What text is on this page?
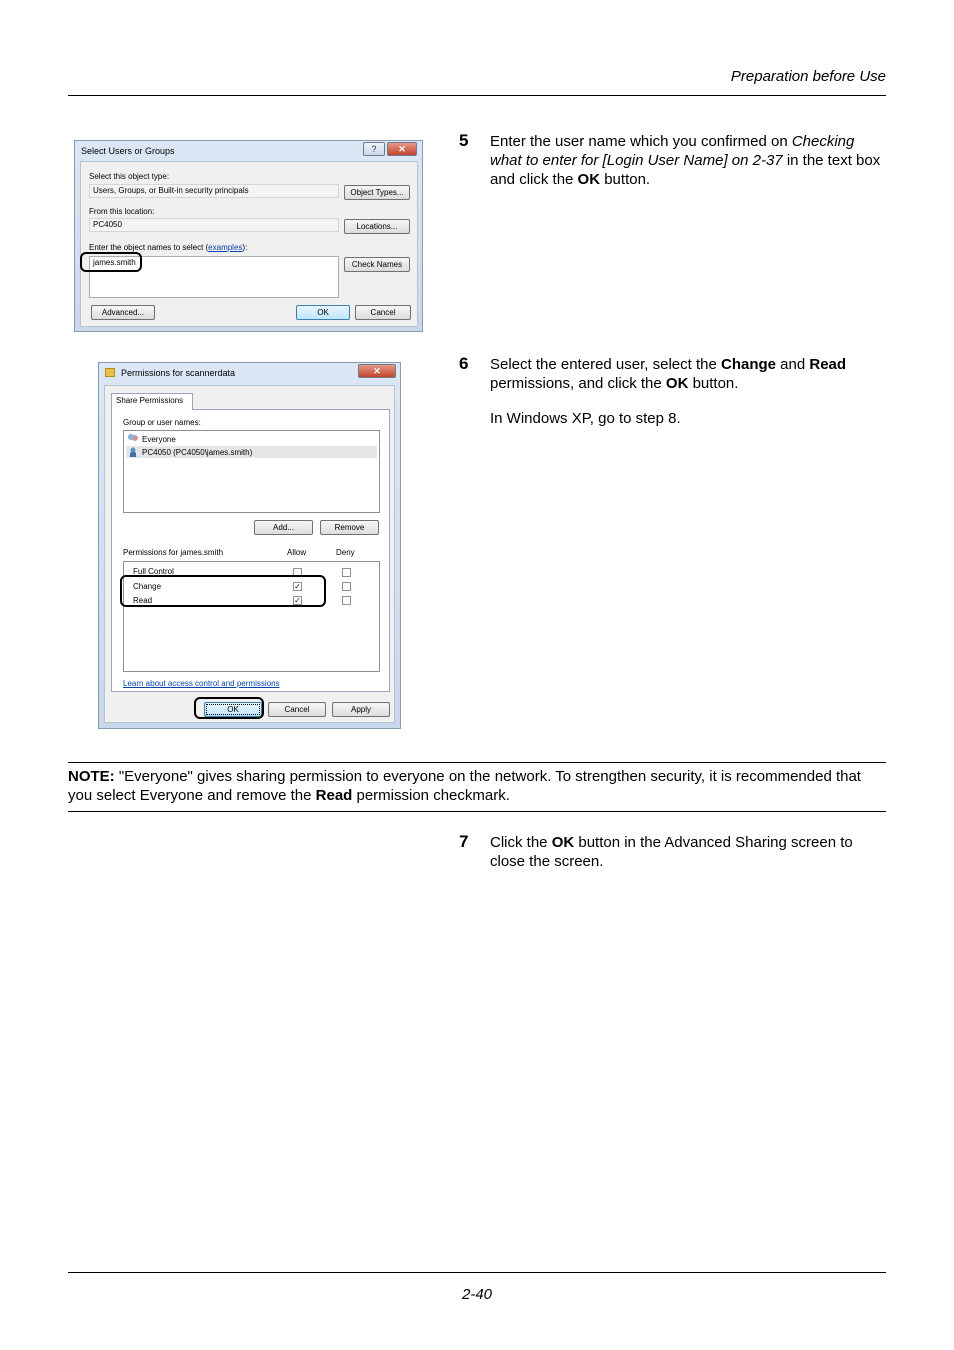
Preparation before Use
Select Users or Groups	?	✕
Select this object type:
Users, Groups, or Built-in security principals	Object Types...
From this location:
PC4050	Locations...
Enter the object names to select (examples):
james.smith	Check Names
Advanced...	OK	Cancel
5 Enter the user name which you confirmed on Checking what to enter for [Login User Name] on 2-37 in the text box and click the OK button.
Permissions for scannerdata	✕
Share Permissions
Group or user names:
Everyone
PC4050 (PC4050\james.smith)
Add...	Remove
Permissions for james.smith	Allow	Deny
Full Control
Change	✓
Read	✓
Learn about access control and permissions
OK	Cancel	Apply
6 Select the entered user, select the Change and Read permissions, and click the OK button.
In Windows XP, go to step 8.
NOTE: "Everyone" gives sharing permission to everyone on the network. To strengthen security, it is recommended that you select Everyone and remove the Read permission checkmark.
7 Click the OK button in the Advanced Sharing screen to close the screen.
2-40
